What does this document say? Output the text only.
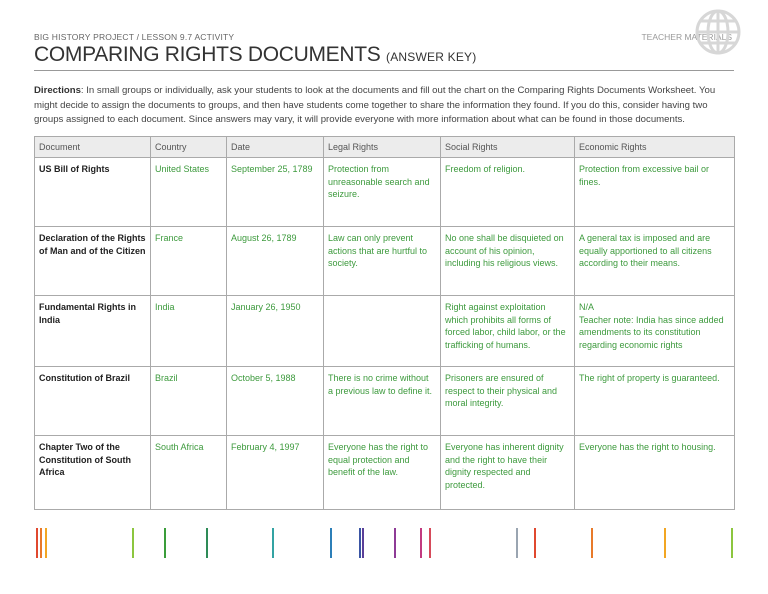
BIG HISTORY PROJECT / LESSON 9.7 ACTIVITY	TEACHER MATERIALS
COMPARING RIGHTS DOCUMENTS (ANSWER KEY)
Directions: In small groups or individually, ask your students to look at the documents and fill out the chart on the Comparing Rights Documents Worksheet. You might decide to assign the documents to groups, and then have students come together to share the information they found. If you do this, consider having two groups assigned to each document. Since answers may vary, it will provide everyone with more information about what can be found in those documents.
Document	Country	Date	Legal Rights	Social Rights	Economic Rights
US Bill of Rights	United States	September 25, 1789	Protection from unreasonable search and seizure.	Freedom of religion.	Protection from excessive bail or fines.
Declaration of the Rights of Man and of the Citizen	France	August 26, 1789	Law can only prevent actions that are hurtful to society.	No one shall be disquieted on account of his opinion, including his religious views.	A general tax is imposed and are equally apportioned to all citizens according to their means.
Fundamental Rights in India	India	January 26, 1950		Right against exploitation which prohibits all forms of forced labor, child labor, or the trafficking of humans.	N/A
Teacher note: India has since added amendments to its constitution regarding economic rights
Constitution of Brazil	Brazil	October 5, 1988	There is no crime without a previous law to define it.	Prisoners are ensured of respect to their physical and moral integrity.	The right of property is guaranteed.
Chapter Two of the Constitution of South Africa	South Africa	February 4, 1997	Everyone has the right to equal protection and benefit of the law.	Everyone has inherent dignity and the right to have their dignity respected and protected.	Everyone has the right to housing.
